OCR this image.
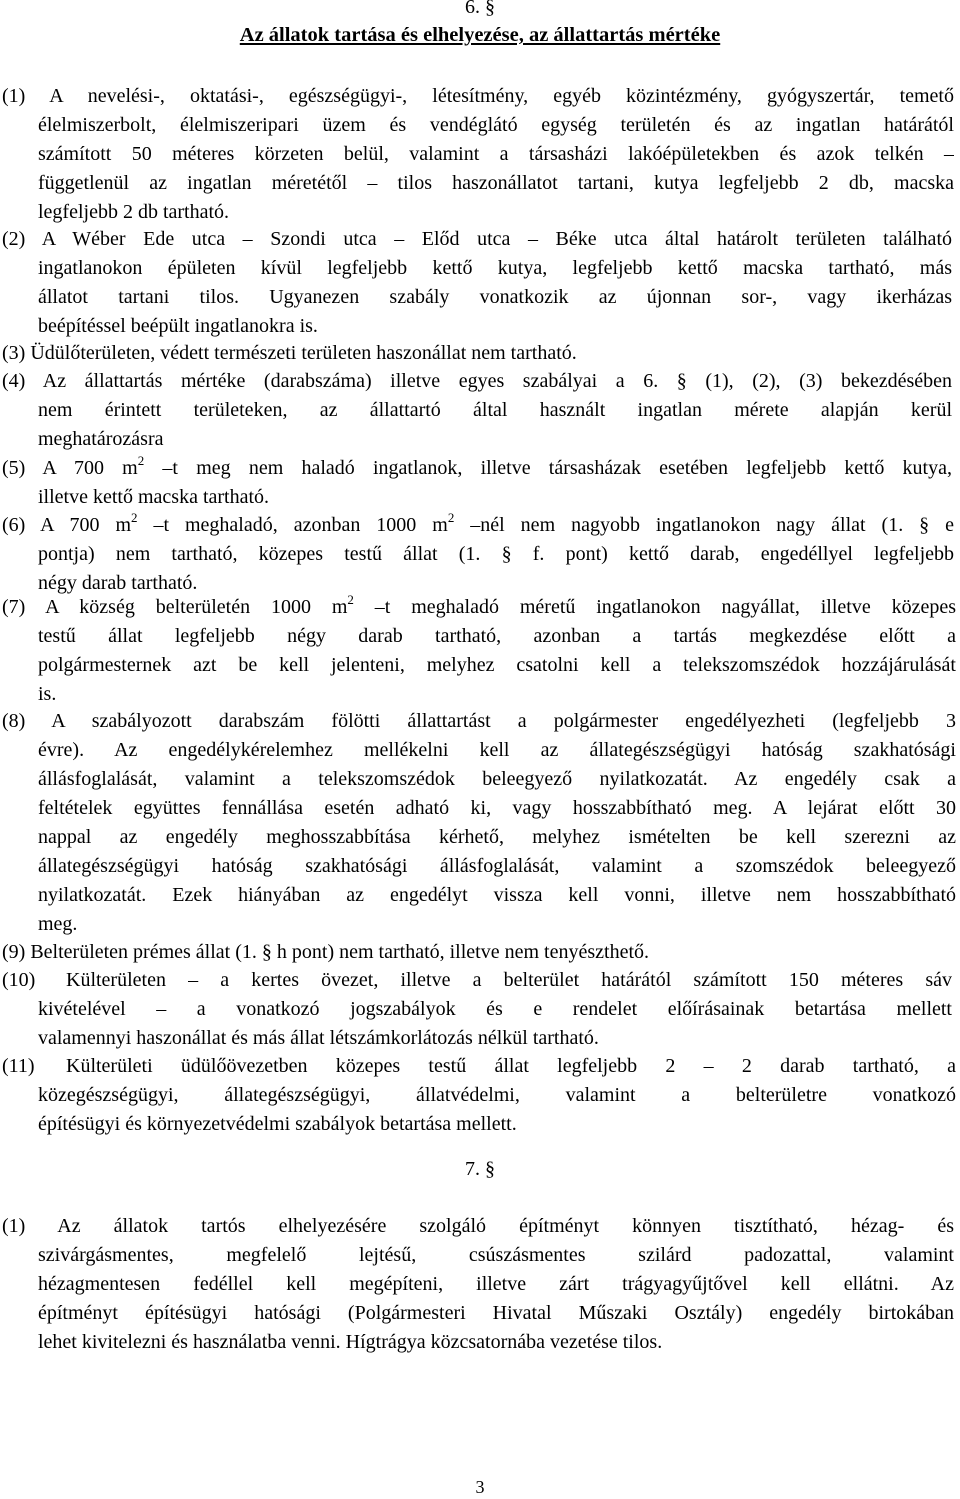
6. §
Az állatok tartása és elhelyezése, az állattartás mértéke
(1) A nevelési-, oktatási-, egészségügyi-, létesítmény, egyéb közintézmény, gyógyszertár, temető
élelmiszerbolt, élelmiszeripari üzem és vendéglátó egység területén és az ingatlan határától
számított 50 méteres körzeten belül, valamint a társasházi lakóépületekben és azok telkén –
függetlenül az ingatlan méretétől – tilos haszonállatot tartani, kutya legfeljebb 2 db, macska
legfeljebb 2 db tartható.
(2) A Wéber Ede utca – Szondi utca – Előd utca – Béke utca által határolt területen található
ingatlanokon épületen kívül legfeljebb kettő kutya, legfeljebb kettő macska tartható, más
állatot tartani tilos. Ugyanezen szabály vonatkozik az újonnan sor-, vagy ikerházas
beépítéssel beépült ingatlanokra is.
(3) Üdülőterületen, védett természeti területen haszonállat nem tartható.
(4) Az állattartás mértéke (darabszáma) illetve egyes szabályai a 6. § (1), (2), (3) bekezdésében
nem érintett területeken, az állattartó által használt ingatlan mérete alapján kerül
meghatározásra
(5) A 700 $m^2$ –t meg nem haladó ingatlanok, illetve társasházak esetében legfeljebb kettő kutya,
illetve kettő macska tartható.
(6) A 700 $m^2$ –t meghaladó, azonban 1000 $m^2$ –nél nem nagyobb ingatlanokon nagy állat (1. § e
pontja) nem tartható, közepes testű állat (1. § f. pont) kettő darab, engedéllyel legfeljebb
négy darab tartható.
(7) A község belterületén 1000 $m^2$ –t meghaladó méretű ingatlanokon nagyállat, illetve közepes
testű állat legfeljebb négy darab tartható, azonban a tartás megkezdése előtt a
polgármesternek azt be kell jelenteni, melyhez csatolni kell a telekszomszédok hozzájárulását
is.
(8) A szabályozott darabszám fölötti állattartást a polgármester engedélyezheti (legfeljebb 3
évre). Az engedélykérelemhez mellékelni kell az állategészségügyi hatóság szakhatósági
állásfoglalását, valamint a telekszomszédok beleegyező nyilatkozatát. Az engedély csak a
feltételek együttes fennállása esetén adható ki, vagy hosszabbítható meg. A lejárat előtt 30
nappal az engedély meghosszabbítása kérhető, melyhez ismételten be kell szerezni az
állategészségügyi hatóság szakhatósági állásfoglalását, valamint a szomszédok beleegyező
nyilatkozatát. Ezek hiányában az engedélyt vissza kell vonni, illetve nem hosszabbítható
meg.
(9) Belterületen prémes állat (1. § h pont) nem tartható, illetve nem tenyészthető.
(10)	Külterületen – a kertes övezet, illetve a belterület határától számított 150 méteres sáv
kivételével – a vonatkozó jogszabályok és e rendelet előírásainak betartása mellett
valamennyi haszonállat és más állat létszámkorlátozás nélkül tartható.
(11)	Külterületi üdülőövezetben közepes testű állat legfeljebb 2 – 2 darab tartható, a
közegészségügyi, állategészségügyi, állatvédelmi, valamint a belterületre vonatkozó
építésügyi és környezetvédelmi szabályok betartása mellett.
7. §
(1) Az állatok tartós elhelyezésére szolgáló építményt könnyen tisztítható, hézag- és
szivárgásmentes, megfelelő lejtésű, csúszásmentes szilárd padozattal, valamint
hézagmentesen fedéllel kell megépíteni, illetve zárt trágyagyűjtővel kell ellátni. Az
építményt építésügyi hatósági (Polgármesteri Hivatal Műszaki Osztály) engedély birtokában
lehet kivitelezni és használatba venni. Hígtrágya közcsatornába vezetése tilos.
3
